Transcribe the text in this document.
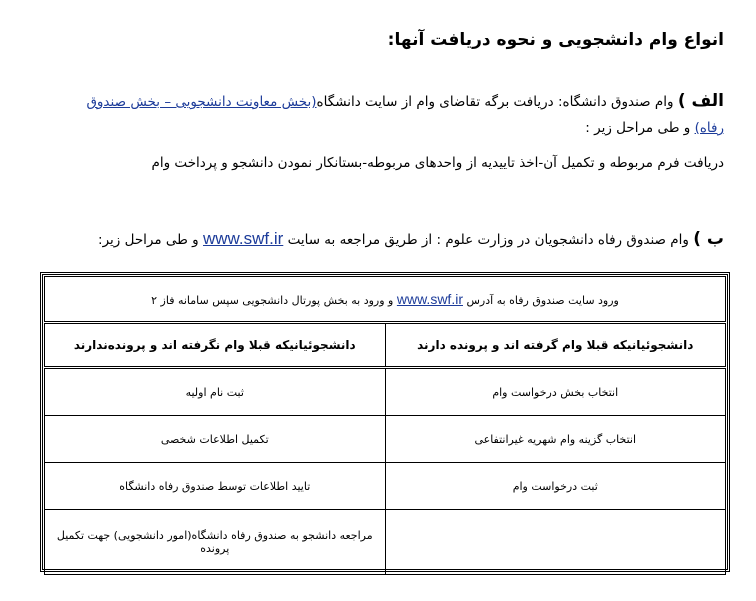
انواع وام دانشجویی و نحوه دریافت آنها:
الف ) وام صندوق دانشگاه: دریافت برگه تقاضای وام از سایت دانشگاه(بخش معاونت دانشجویی – بخش صندوق رفاه) و طی مراحل زیر :
دریافت فرم مربوطه و تکمیل آن-اخذ تاییدیه از واحدهای مربوطه-بستانکار نمودن دانشجو و پرداخت وام
ب ) وام صندوق رفاه دانشجویان در وزارت علوم : از طریق مراجعه به سایت www.swf.ir و طی مراحل زیر:
ورود سایت صندوق رفاه به آدرس www.swf.ir و ورود به بخش پورتال دانشجویی سپس سامانه فاز ۲	
دانشجوئیانیکه قبلا وام گرفته اند و پرونده دارند	دانشجوئیانیکه قبلا وام نگرفته اند و پرونده‌ندارند
انتخاب بخش درخواست وام	ثبت نام اولیه
انتخاب گزینه وام شهریه غیرانتفاعی	تکمیل اطلاعات شخصی
ثبت درخواست وام	تایید اطلاعات توسط صندوق رفاه دانشگاه
	مراجعه دانشجو به صندوق رفاه دانشگاه(امور دانشجویی) جهت تکمیل پرونده
